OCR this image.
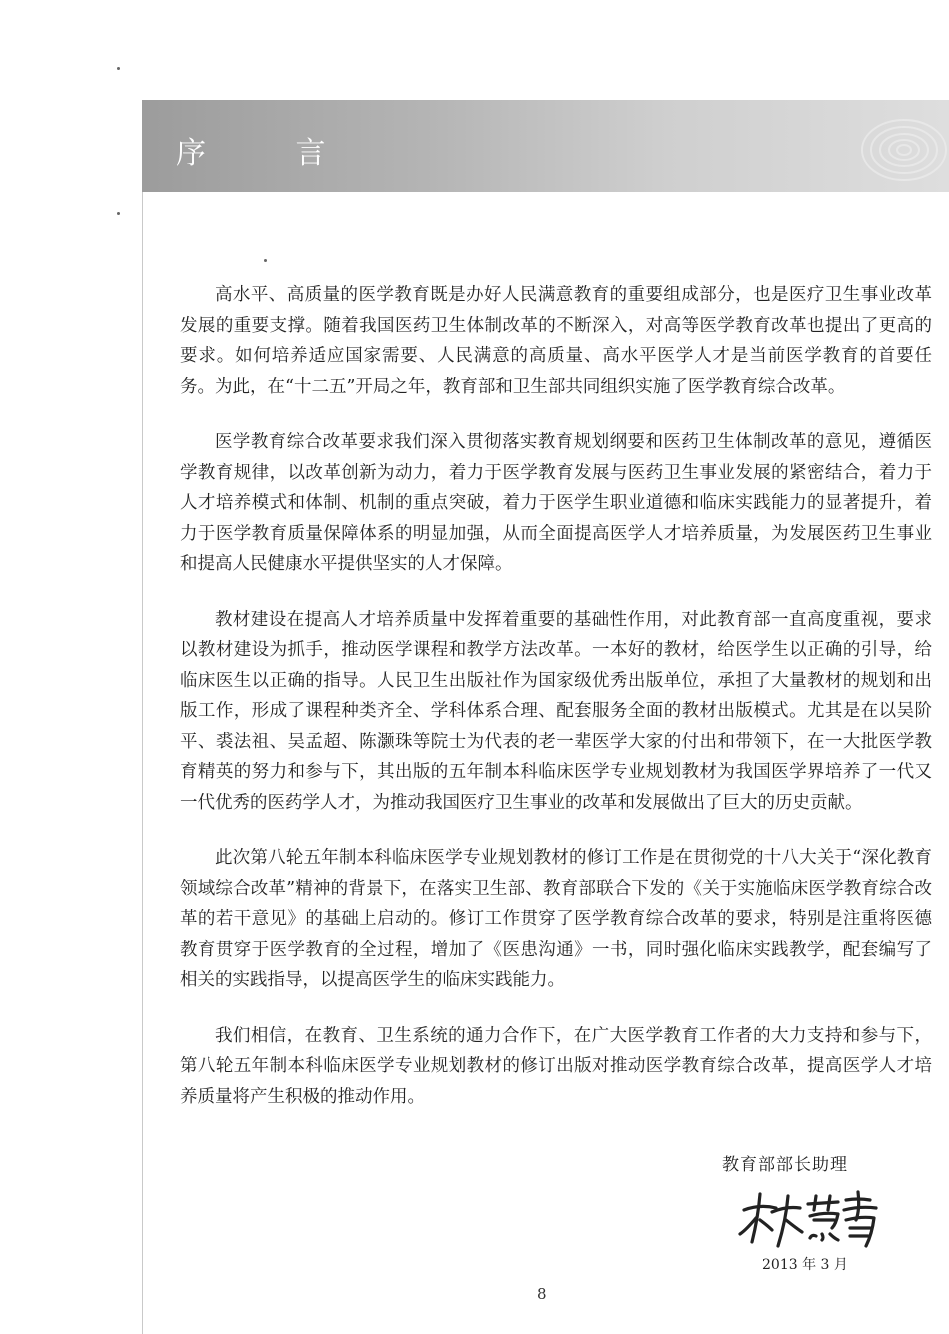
序 言

高水平、高质量的医学教育既是办好人民满意教育的重要组成部分，也是医疗卫生事业改革发展的重要支撑。随着我国医药卫生体制改革的不断深入，对高等医学教育改革也提出了更高的要求。如何培养适应国家需要、人民满意的高质量、高水平医学人才是当前医学教育的首要任务。为此，在“十二五”开局之年，教育部和卫生部共同组织实施了医学教育综合改革。

医学教育综合改革要求我们深入贯彻落实教育规划纲要和医药卫生体制改革的意见，遵循医学教育规律，以改革创新为动力，着力于医学教育发展与医药卫生事业发展的紧密结合，着力于人才培养模式和体制、机制的重点突破，着力于医学生职业道德和临床实践能力的显著提升，着力于医学教育质量保障体系的明显加强，从而全面提高医学人才培养质量，为发展医药卫生事业和提高人民健康水平提供坚实的人才保障。

教材建设在提高人才培养质量中发挥着重要的基础性作用，对此教育部一直高度重视，要求以教材建设为抓手，推动医学课程和教学方法改革。一本好的教材，给医学生以正确的引导，给临床医生以正确的指导。人民卫生出版社作为国家级优秀出版单位，承担了大量教材的规划和出版工作，形成了课程种类齐全、学科体系合理、配套服务全面的教材出版模式。尤其是在以吴阶平、裘法祖、吴孟超、陈灏珠等院士为代表的老一辈医学大家的付出和带领下，在一大批医学教育精英的努力和参与下，其出版的五年制本科临床医学专业规划教材为我国医学界培养了一代又一代优秀的医药学人才，为推动我国医疗卫生事业的改革和发展做出了巨大的历史贡献。

此次第八轮五年制本科临床医学专业规划教材的修订工作是在贯彻党的十八大关于“深化教育领域综合改革”精神的背景下，在落实卫生部、教育部联合下发的《关于实施临床医学教育综合改革的若干意见》的基础上启动的。修订工作贯穿了医学教育综合改革的要求，特别是注重将医德教育贯穿于医学教育的全过程，增加了《医患沟通》一书，同时强化临床实践教学，配套编写了相关的实践指导，以提高医学生的临床实践能力。

我们相信，在教育、卫生系统的通力合作下，在广大医学教育工作者的大力支持和参与下，第八轮五年制本科临床医学专业规划教材的修订出版对推动医学教育综合改革，提高医学人才培养质量将产生积极的推动作用。

教育部部长助理
2013 年 3 月
8
